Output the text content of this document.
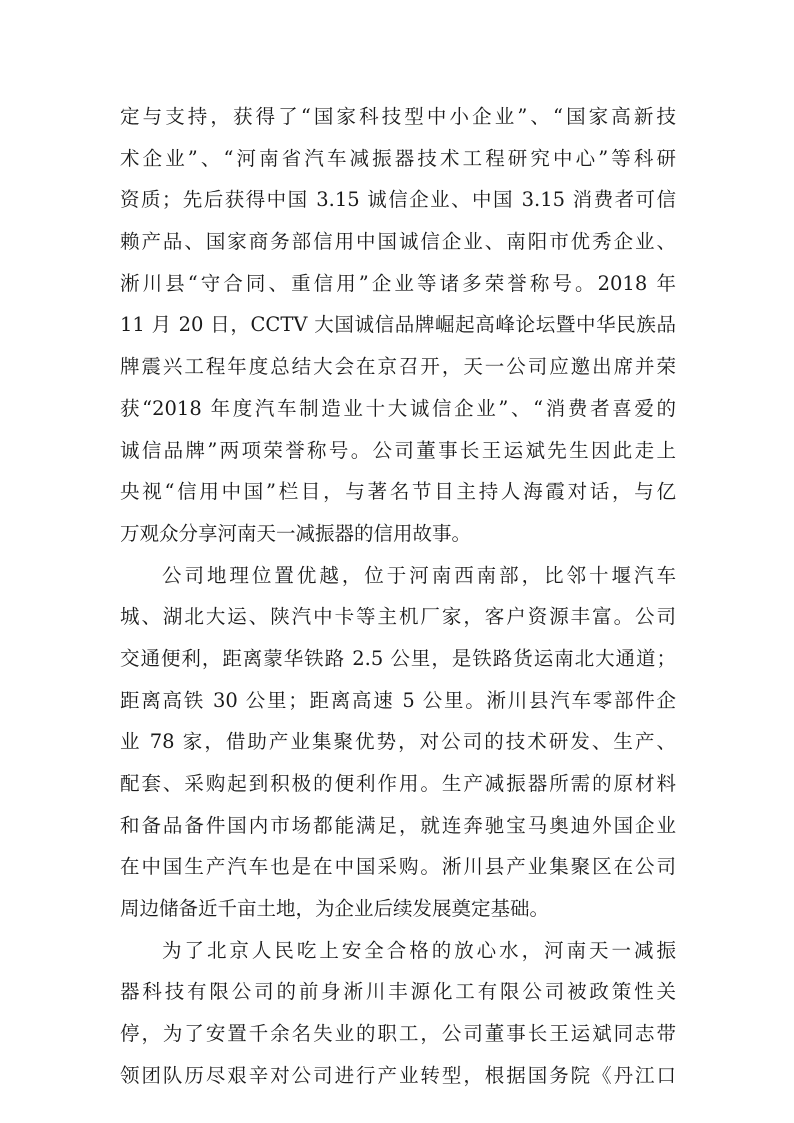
定与支持，获得了“国家科技型中小企业”、“国家高新技
术企业”、“河南省汽车减振器技术工程研究中心”等科研
资质；先后获得中国 3.15 诚信企业、中国 3.15 消费者可信
赖产品、国家商务部信用中国诚信企业、南阳市优秀企业、
淅川县“守合同、重信用”企业等诸多荣誉称号。2018 年
11 月 20 日，CCTV 大国诚信品牌崛起高峰论坛暨中华民族品
牌震兴工程年度总结大会在京召开，天一公司应邀出席并荣
获“2018 年度汽车制造业十大诚信企业”、“消费者喜爱的
诚信品牌”两项荣誉称号。公司董事长王运斌先生因此走上
央视“信用中国”栏目，与著名节目主持人海霞对话，与亿
万观众分享河南天一减振器的信用故事。
公司地理位置优越，位于河南西南部，比邻十堰汽车
城、湖北大运、陕汽中卡等主机厂家，客户资源丰富。公司
交通便利，距离蒙华铁路 2.5 公里，是铁路货运南北大通道；
距离高铁 30 公里；距离高速 5 公里。淅川县汽车零部件企
业 78 家，借助产业集聚优势，对公司的技术研发、生产、
配套、采购起到积极的便利作用。生产减振器所需的原材料
和备品备件国内市场都能满足，就连奔驰宝马奥迪外国企业
在中国生产汽车也是在中国采购。淅川县产业集聚区在公司
周边储备近千亩土地，为企业后续发展奠定基础。
为了北京人民吃上安全合格的放心水，河南天一减振
器科技有限公司的前身淅川丰源化工有限公司被政策性关
停，为了安置千余名失业的职工，公司董事长王运斌同志带
领团队历尽艰辛对公司进行产业转型，根据国务院《丹江口
